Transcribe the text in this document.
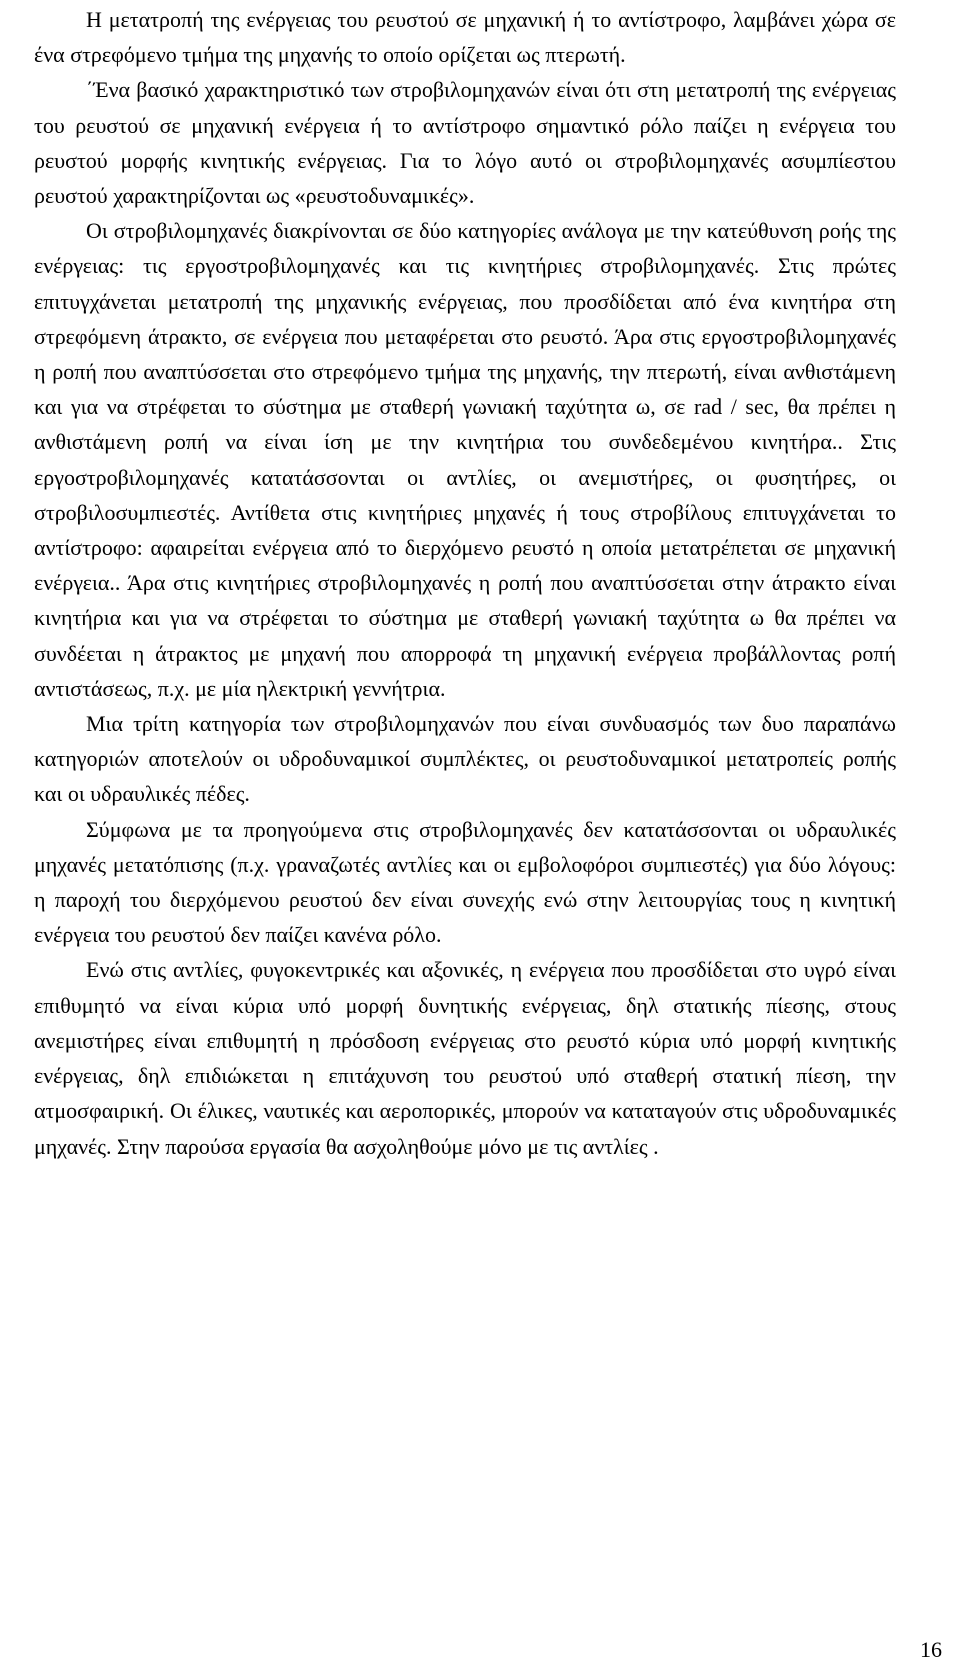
Η μετατροπή της ενέργειας του ρευστού σε μηχανική ή το αντίστροφο, λαμβάνει χώρα σε ένα στρεφόμενο τμήμα της μηχανής το οποίο ορίζεται ως πτερωτή.

΄Ένα βασικό χαρακτηριστικό των στροβιλομηχανών είναι ότι στη μετατροπή της ενέργειας του ρευστού σε μηχανική ενέργεια ή το αντίστροφο σημαντικό ρόλο παίζει η ενέργεια του ρευστού μορφής κινητικής ενέργειας. Για το λόγο αυτό οι στροβιλομηχανές ασυμπίεστου ρευστού χαρακτηρίζονται ως «ρευστοδυναμικές».

Οι στροβιλομηχανές διακρίνονται σε δύο κατηγορίες ανάλογα με την κατεύθυνση ροής της ενέργειας: τις εργοστροβιλομηχανές και τις κινητήριες στροβιλομηχανές. Στις πρώτες επιτυγχάνεται μετατροπή της μηχανικής ενέργειας, που προσδίδεται από ένα κινητήρα στη στρεφόμενη άτρακτο, σε ενέργεια που μεταφέρεται στο ρευστό. Άρα στις εργοστροβιλομηχανές η ροπή που αναπτύσσεται στο στρεφόμενο τμήμα της μηχανής, την πτερωτή, είναι ανθιστάμενη και για να στρέφεται το σύστημα με σταθερή γωνιακή ταχύτητα ω, σε rad / sec, θα πρέπει η ανθιστάμενη ροπή να είναι ίση με την κινητήρια του συνδεδεμένου κινητήρα.. Στις εργοστροβιλομηχανές κατατάσσονται οι αντλίες, οι ανεμιστήρες, οι φυσητήρες, οι στροβιλοσυμπιεστές. Αντίθετα στις κινητήριες μηχανές ή τους στροβίλους επιτυγχάνεται το αντίστροφο: αφαιρείται ενέργεια από το διερχόμενο ρευστό η οποία μετατρέπεται σε μηχανική ενέργεια.. Άρα στις κινητήριες στροβιλομηχανές η ροπή που αναπτύσσεται στην άτρακτο είναι κινητήρια και για να στρέφεται το σύστημα με σταθερή γωνιακή ταχύτητα ω θα πρέπει να συνδέεται η άτρακτος με μηχανή που απορροφά τη μηχανική ενέργεια προβάλλοντας ροπή αντιστάσεως, π.χ. με μία ηλεκτρική γεννήτρια.

Μια τρίτη κατηγορία των στροβιλομηχανών που είναι συνδυασμός των δυο παραπάνω κατηγοριών αποτελούν οι υδροδυναμικοί συμπλέκτες, οι ρευστοδυναμικοί μετατροπείς ροπής και οι υδραυλικές πέδες.

Σύμφωνα με τα προηγούμενα στις στροβιλομηχανές δεν κατατάσσονται οι υδραυλικές μηχανές μετατόπισης (π.χ. γραναζωτές αντλίες και οι εμβολοφόροι συμπιεστές) για δύο λόγους: η παροχή του διερχόμενου ρευστού δεν είναι συνεχής ενώ στην λειτουργίας τους η κινητική ενέργεια του ρευστού δεν παίζει κανένα ρόλο.

Ενώ στις αντλίες, φυγοκεντρικές και αξονικές, η ενέργεια που προσδίδεται στο υγρό είναι επιθυμητό να είναι κύρια υπό μορφή δυνητικής ενέργειας, δηλ στατικής πίεσης, στους ανεμιστήρες είναι επιθυμητή η πρόσδοση ενέργειας στο ρευστό κύρια υπό μορφή κινητικής ενέργειας, δηλ επιδιώκεται η επιτάχυνση του ρευστού υπό σταθερή στατική πίεση, την ατμοσφαιρική. Οι έλικες, ναυτικές και αεροπορικές, μπορούν να καταταγούν στις υδροδυναμικές μηχανές. Στην παρούσα εργασία θα ασχοληθούμε μόνο με τις αντλίες .

16
